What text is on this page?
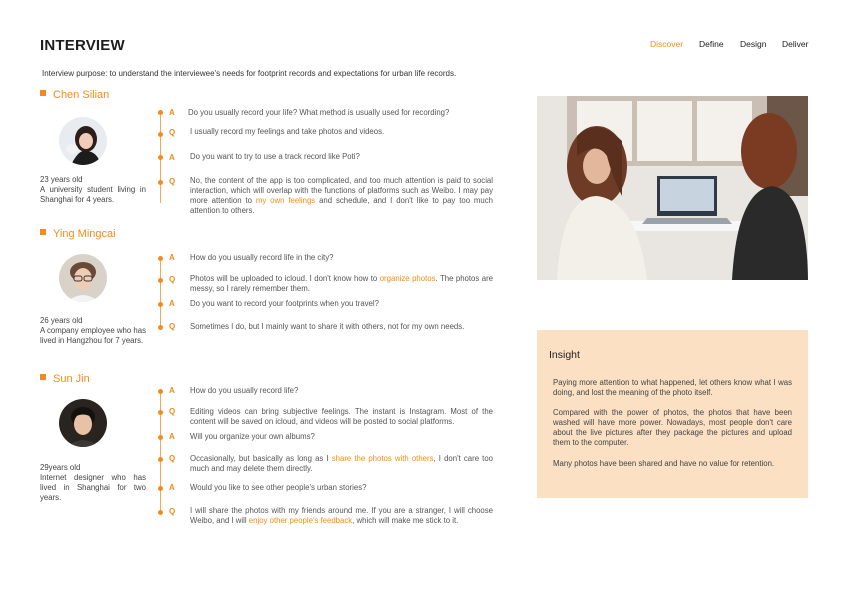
INTERVIEW	Discover Define Design Deliver
Interview purpose: to understand the interviewee's needs for footprint records and expectations for urban life records.
Chen Silian
23 years old
A university student living in Shanghai for 4 years.
A Do you usually record your life? What method is usually used for recording?
Q I usually record my feelings and take photos and videos.
A Do you want to try to use a track record like Poti?
Q No, the content of the app is too complicated, and too much attention is paid to social interaction, which will overlap with the functions of platforms such as Weibo. I may pay more attention to my own feelings and schedule, and I don't like to pay too much attention to others.
Ying Mingcai
26 years old
A company employee who has lived in Hangzhou for 7 years.
A How do you usually record life in the city?
Q Photos will be uploaded to icloud. I don't know how to organize photos. The photos are messy, so I rarely remember them.
A Do you want to record your footprints when you travel?
Q Sometimes I do, but I mainly want to share it with others, not for my own needs.
Sun Jin
29years old
Internet designer who has lived in Shanghai for two years.
A How do you usually record life?
Q Editing videos can bring subjective feelings. The instant is Instagram. Most of the content will be saved on icloud, and videos will be posted to social platforms.
A Will you organize your own albums?
Q Occasionally, but basically as long as I share the photos with others, I don't care too much and may delete them directly.
A Would you like to see other people's urban stories?
Q I will share the photos with my friends around me. If you are a stranger, I will choose Weibo, and I will enjoy other people's feedback, which will make me stick to it.
Insight
Paying more attention to what happened, let others know what I was doing, and lost the meaning of the photo itself.
Compared with the power of photos, the photos that have been washed will have more power. Nowadays, most people don't care about the live pictures after they package the pictures and upload them to the computer.
Many photos have been shared and have no value for retention.
